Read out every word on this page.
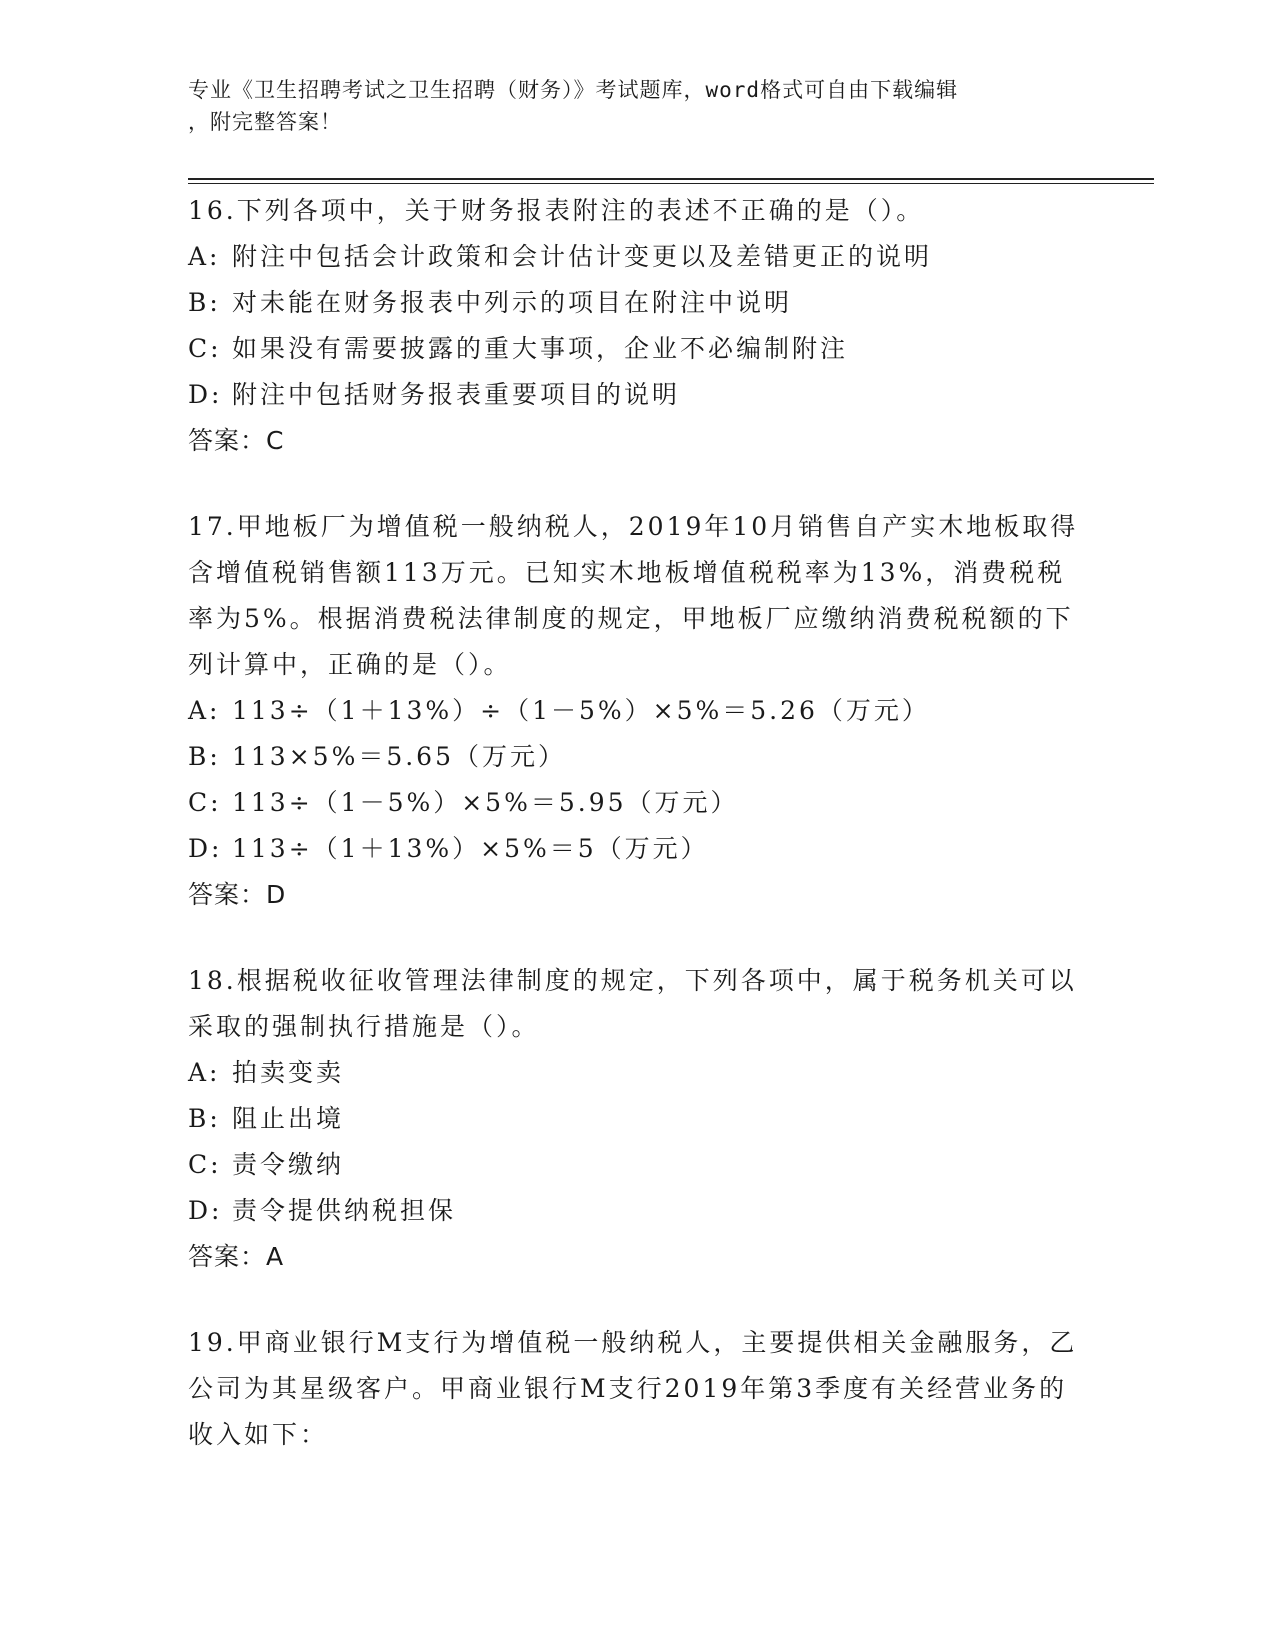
专业《卫生招聘考试之卫生招聘（财务）》考试题库，word格式可自由下载编辑
，附完整答案！
16.下列各项中，关于财务报表附注的表述不正确的是（）。
A: 附注中包括会计政策和会计估计变更以及差错更正的说明
B: 对未能在财务报表中列示的项目在附注中说明
C: 如果没有需要披露的重大事项，企业不必编制附注
D: 附注中包括财务报表重要项目的说明
答案：C
17.甲地板厂为增值税一般纳税人，2019年10月销售自产实木地板取得含增值税销售额113万元。已知实木地板增值税税率为13%，消费税税率为5%。根据消费税法律制度的规定，甲地板厂应缴纳消费税税额的下列计算中，正确的是（）。
A: 113÷（1＋13%）÷（1－5%）×5%＝5.26（万元）
B: 113×5%＝5.65（万元）
C: 113÷（1－5%）×5%＝5.95（万元）
D: 113÷（1＋13%）×5%＝5（万元）
答案：D
18.根据税收征收管理法律制度的规定，下列各项中，属于税务机关可以采取的强制执行措施是（）。
A: 拍卖变卖
B: 阻止出境
C: 责令缴纳
D: 责令提供纳税担保
答案：A
19.甲商业银行M支行为增值税一般纳税人，主要提供相关金融服务，乙公司为其星级客户。甲商业银行M支行2019年第3季度有关经营业务的收入如下：
